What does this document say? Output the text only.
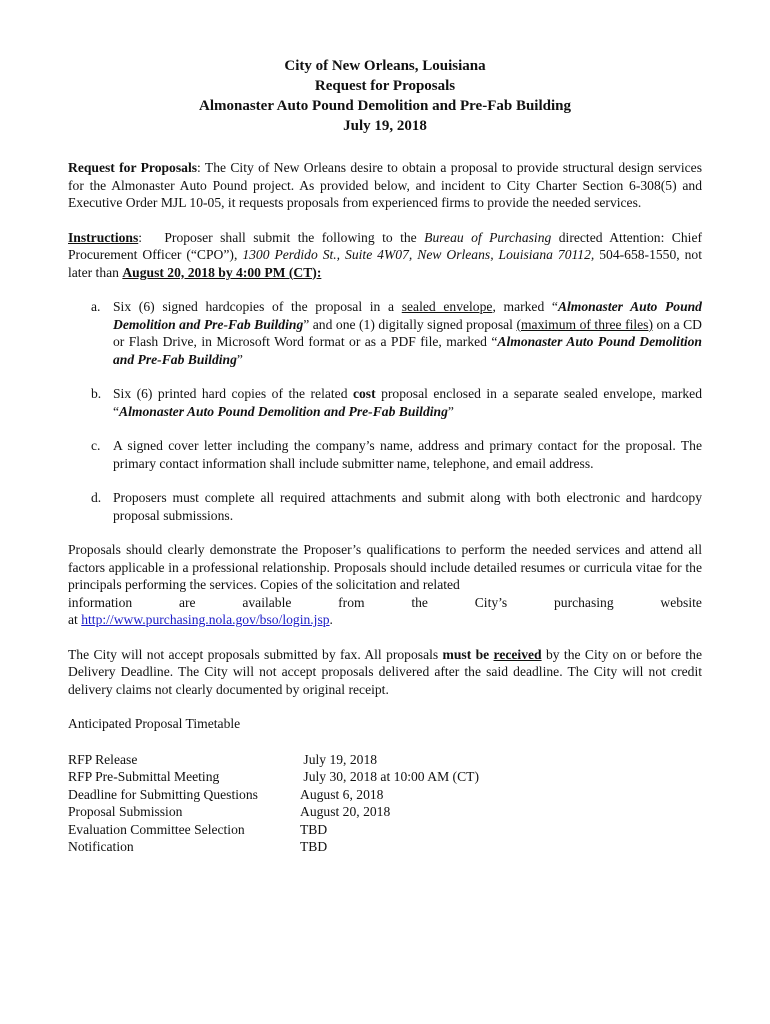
City of New Orleans, Louisiana
Request for Proposals
Almonaster Auto Pound Demolition and Pre-Fab Building
July 19, 2018

Request for Proposals: The City of New Orleans desire to obtain a proposal to provide structural design services for the Almonaster Auto Pound project. As provided below, and incident to City Charter Section 6-308(5) and Executive Order MJL 10-05, it requests proposals from experienced firms to provide the needed services.

Instructions:   Proposer shall submit the following to the Bureau of Purchasing directed Attention: Chief Procurement Officer (“CPO”), 1300 Perdido St., Suite 4W07, New Orleans, Louisiana 70112, 504-658-1550, not later than August 20, 2018 by 4:00 PM (CT):

a. Six (6) signed hardcopies of the proposal in a sealed envelope, marked “Almonaster Auto Pound Demolition and Pre-Fab Building” and one (1) digitally signed proposal (maximum of three files) on a CD or Flash Drive, in Microsoft Word format or as a PDF file, marked “Almonaster Auto Pound Demolition and Pre-Fab Building”
b. Six (6) printed hard copies of the related cost proposal enclosed in a separate sealed envelope, marked “Almonaster Auto Pound Demolition and Pre-Fab Building”
c. A signed cover letter including the company’s name, address and primary contact for the proposal. The primary contact information shall include submitter name, telephone, and email address.
d. Proposers must complete all required attachments and submit along with both electronic and hardcopy proposal submissions.

Proposals should clearly demonstrate the Proposer’s qualifications to perform the needed services and attend all factors applicable in a professional relationship. Proposals should include detailed resumes or curricula vitae for the principals performing the services. Copies of the solicitation and related

information	are	available	from	the	City’s	purchasing	website
at http://www.purchasing.nola.gov/bso/login.jsp.

The City will not accept proposals submitted by fax. All proposals must be received by the City on or before the Delivery Deadline. The City will not accept proposals delivered after the said deadline. The City will not credit delivery claims not clearly documented by original receipt.

Anticipated Proposal Timetable

RFP Release	July 19, 2018
RFP Pre-Submittal Meeting	July 30, 2018 at 10:00 AM (CT)
Deadline for Submitting Questions	August 6, 2018
Proposal Submission	August 20, 2018
Evaluation Committee Selection	TBD
Notification	TBD
